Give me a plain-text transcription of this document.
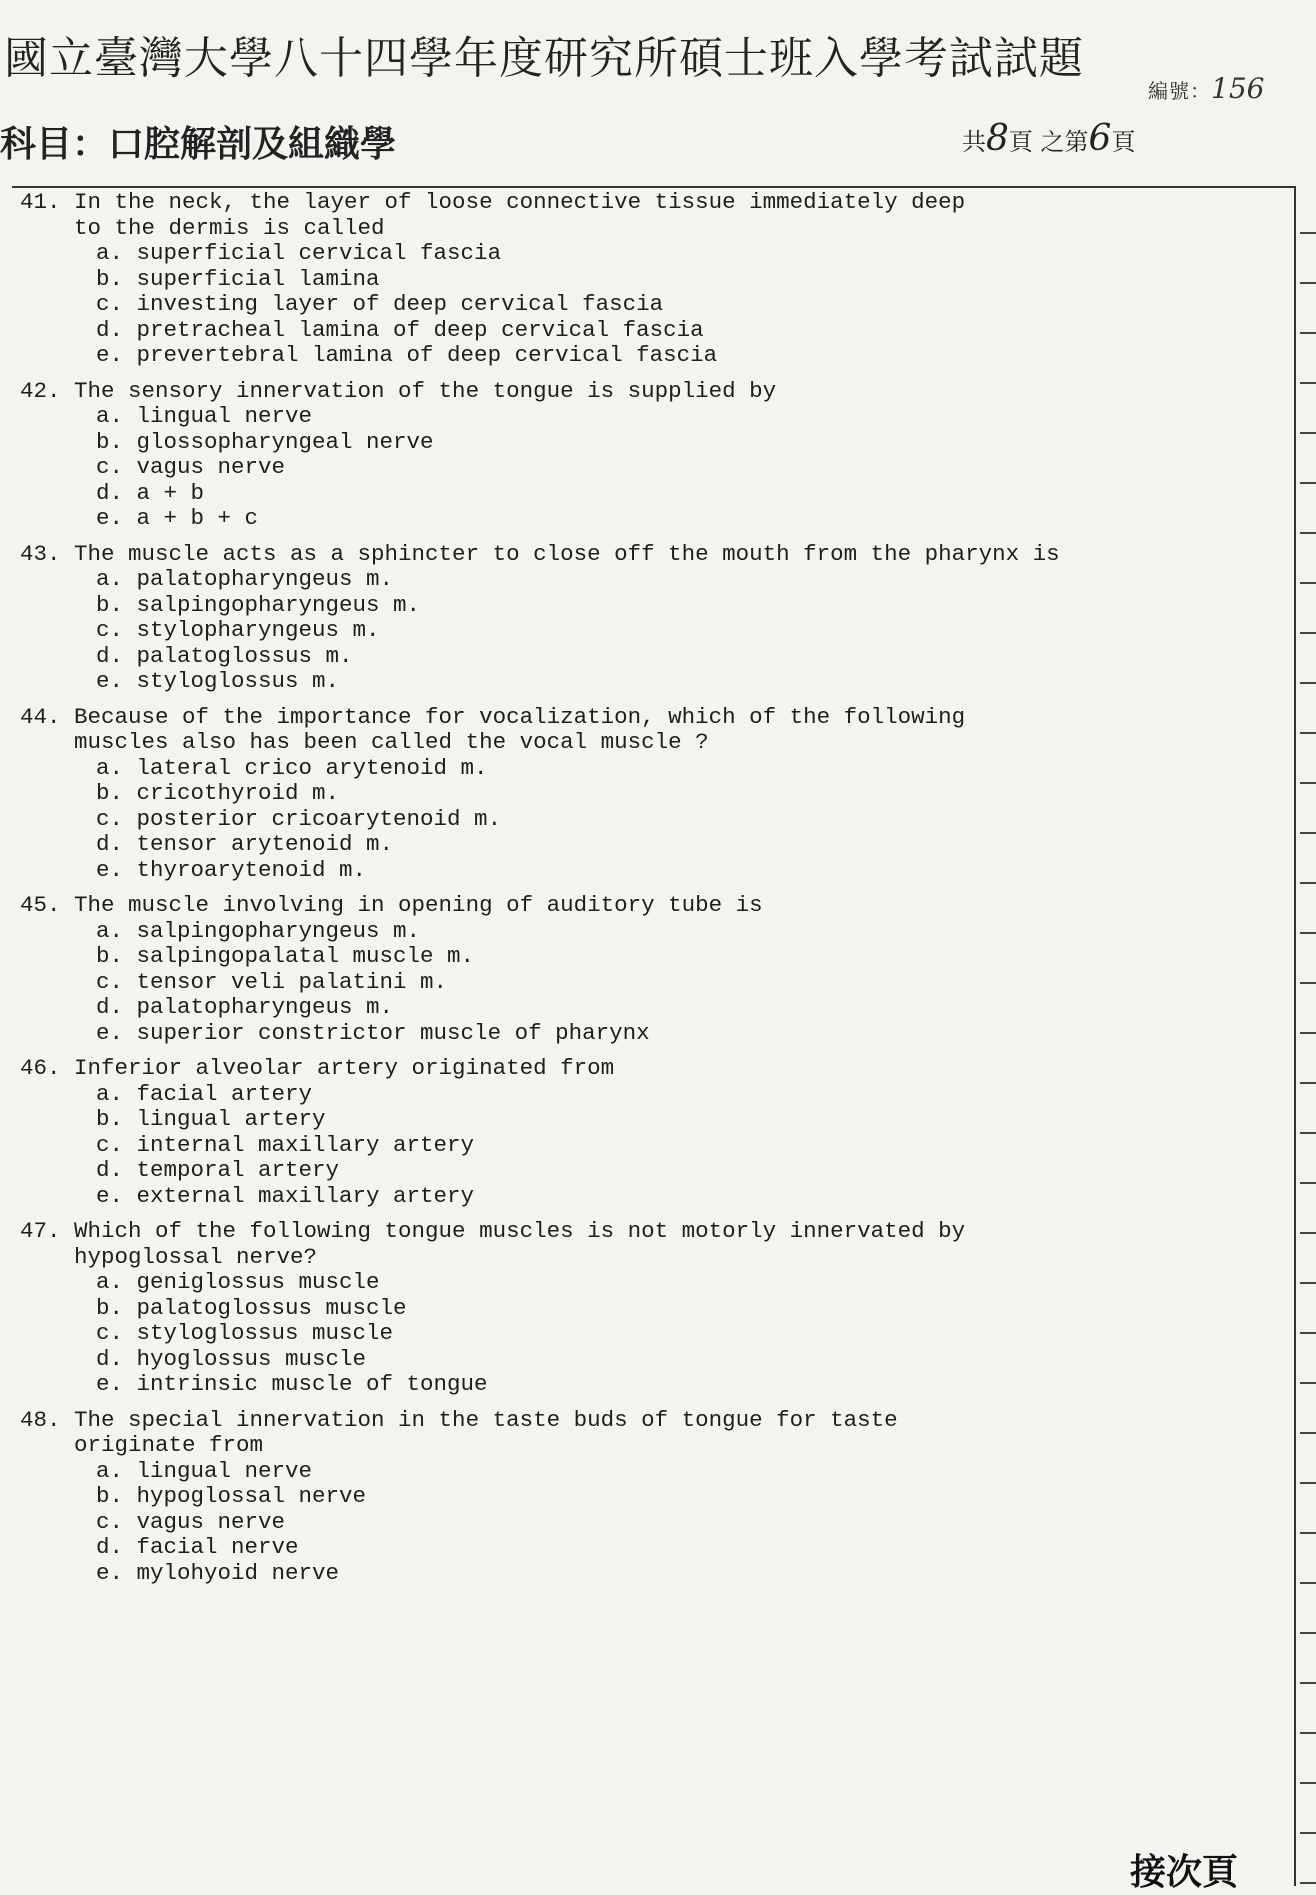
國立臺灣大學八十四學年度研究所碩士班入學考試試題
編號：156
科目：口腔解剖及組織學	共8頁 之第6頁
41. In the neck, the layer of loose connective tissue immediately deep
to the dermis is called
a. superficial cervical fascia
b. superficial lamina
c. investing layer of deep cervical fascia
d. pretracheal lamina of deep cervical fascia
e. prevertebral lamina of deep cervical fascia
42. The sensory innervation of the tongue is supplied by
a. lingual nerve
b. glossopharyngeal nerve
c. vagus nerve
d. a + b
e. a + b + c
43. The muscle acts as a sphincter to close off the mouth from the pharynx is
a. palatopharyngeus m.
b. salpingopharyngeus m.
c. stylopharyngeus m.
d. palatoglossus m.
e. styloglossus m.
44. Because of the importance for vocalization, which of the following
muscles also has been called the vocal muscle ?
a. lateral crico arytenoid m.
b. cricothyroid m.
c. posterior cricoarytenoid m.
d. tensor arytenoid m.
e. thyroarytenoid m.
45. The muscle involving in opening of auditory tube is
a. salpingopharyngeus m.
b. salpingopalatal muscle m.
c. tensor veli palatini m.
d. palatopharyngeus m.
e. superior constrictor muscle of pharynx
46. Inferior alveolar artery originated from
a. facial artery
b. lingual artery
c. internal maxillary artery
d. temporal artery
e. external maxillary artery
47. Which of the following tongue muscles is not motorly innervated by
hypoglossal nerve?
a. geniglossus muscle
b. palatoglossus muscle
c. styloglossus muscle
d. hyoglossus muscle
e. intrinsic muscle of tongue
48. The special innervation in the taste buds of tongue for taste
originate from
a. lingual nerve
b. hypoglossal nerve
c. vagus nerve
d. facial nerve
e. mylohyoid nerve
接次頁
